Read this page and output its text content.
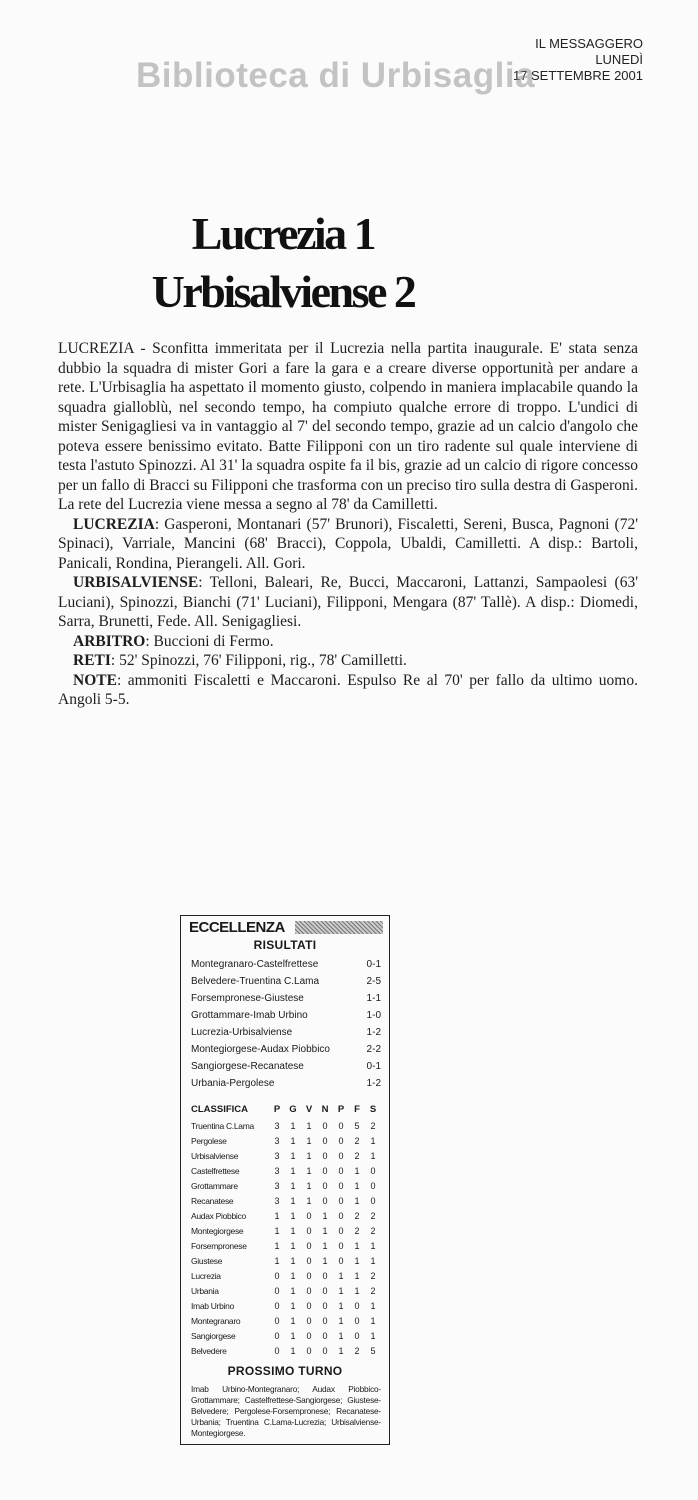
IL MESSAGGERO
LUNEDÌ
17 SETTEMBRE 2001
Biblioteca di Urbisaglia
Lucrezia 1
Urbisalviense 2

LUCREZIA - Sconfitta immeritata per il Lucrezia nella partita inaugurale. E' stata senza dubbio la squadra di mister Gori a fare la gara e a creare diverse opportunità per andare a rete. L'Urbisaglia ha aspettato il momento giusto, colpendo in maniera implacabile quando la squadra gialloblù, nel secondo tempo, ha compiuto qualche errore di troppo. L'undici di mister Senigagliesi va in vantaggio al 7' del secondo tempo, grazie ad un calcio d'angolo che poteva essere benissimo evitato. Batte Filipponi con un tiro radente sul quale interviene di testa l'astuto Spinozzi. Al 31' la squadra ospite fa il bis, grazie ad un calcio di rigore concesso per un fallo di Bracci su Filipponi che trasforma con un preciso tiro sulla destra di Gasperoni. La rete del Lucrezia viene messa a segno al 78' da Camilletti.

LUCREZIA: Gasperoni, Montanari (57' Brunori), Fiscaletti, Sereni, Busca, Pagnoni (72' Spinaci), Varriale, Mancini (68' Bracci), Coppola, Ubaldi, Camilletti. A disp.: Bartoli, Panicali, Rondina, Pierangeli. All. Gori.

URBISALVIENSE: Telloni, Baleari, Re, Bucci, Maccaroni, Lattanzi, Sampaolesi (63' Luciani), Spinozzi, Bianchi (71' Luciani), Filipponi, Mengara (87' Tallè). A disp.: Diomedi, Sarra, Brunetti, Fede. All. Senigagliesi.

ARBITRO: Buccioni di Fermo.

RETI: 52' Spinozzi, 76' Filipponi, rig., 78' Camilletti.

NOTE: ammoniti Fiscaletti e Maccaroni. Espulso Re al 70' per fallo da ultimo uomo. Angoli 5-5.

ECCELLENZA
RISULTATI
Montegranaro-Castelfrettese	0-1
Belvedere-Truentina C.Lama	2-5
Forsempronese-Giustese	1-1
Grottammare-Imab Urbino	1-0
Lucrezia-Urbisalviense	1-2
Montegiorgese-Audax Piobbico	2-2
Sangiorgese-Recanatese	0-1
Urbania-Pergolese	1-2
CLASSIFICA	P	G	V	N	P	F	S
Truentina C.Lama	3	1	1	0	0	5	2
Pergolese	3	1	1	0	0	2	1
Urbisalviense	3	1	1	0	0	2	1
Castelfrettese	3	1	1	0	0	1	0
Grottammare	3	1	1	0	0	1	0
Recanatese	3	1	1	0	0	1	0
Audax Piobbico	1	1	0	1	0	2	2
Montegiorgese	1	1	0	1	0	2	2
Forsempronese	1	1	0	1	0	1	1
Giustese	1	1	0	1	0	1	1
Lucrezia	0	1	0	0	1	1	2
Urbania	0	1	0	0	1	1	2
Imab Urbino	0	1	0	0	1	0	1
Montegranaro	0	1	0	0	1	0	1
Sangiorgese	0	1	0	0	1	0	1
Belvedere	0	1	0	0	1	2	5
PROSSIMO TURNO
Imab Urbino-Montegranaro; Audax Piobbico-Grottammare; Castelfrettese-Sangiorgese; Giustese-Belvedere; Pergolese-Forsempronese; Recanatese-Urbania; Truentina C.Lama-Lucrezia; Urbisalviense-Montegiorgese.
